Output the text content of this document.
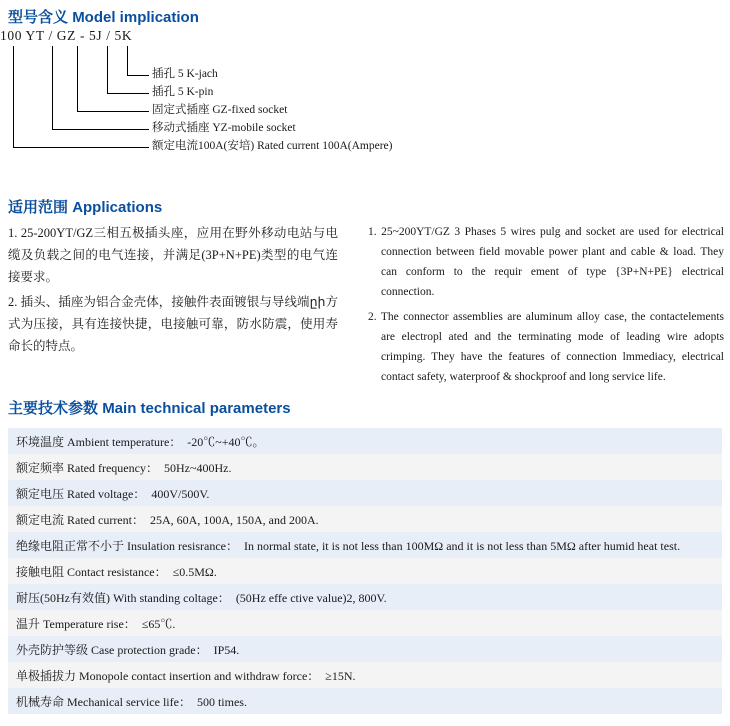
型号含义 Model implication
100 YT / GZ - 5J / 5K
插孔 5 K-jach
插孔 5 K-pin
固定式插座 GZ-fixed socket
移动式插座 YZ-mobile socket
额定电流100A(安培) Rated current 100A(Ampere)
适用范围 Applications

1. 25-200YT/GZ三相五极插头座，应用在野外移动电站与电缆及负载之间的电气连接，并满足(3P+N+PE)类型的电气连接要求。

2. 插头、插座为铝合金壳体，接触件表面镀银与导线端ըի方式为压接，具有连接快捷，电接触可靠，防水防震，使用寿命长的特点。

1. 25~200YT/GZ 3 Phases 5 wires pulg and socket are used for electrical connection between field movable power plant and cable & load. They can conform to the requir ement of type {3P+N+PE} electrical connection.

2. The connector assemblies are aluminum alloy case, the contactelements are electropl ated and the terminating mode of leading wire adopts crimping. They have the features of connection lmmediacy, electrical contact safety, waterproof & shockproof and long service life.

主要技术参数 Main technical parameters
环境温度 Ambient temperature： -20℃~+40℃。
额定频率 Rated frequency： 50Hz~400Hz.
额定电压 Rated voltage： 400V/500V.
额定电流 Rated current： 25A, 60A, 100A, 150A, and 200A.
绝缘电阻正常不小于 Insulation resisrance： In normal state, it is not less than 100MΩ and it is not less than 5MΩ after humid heat test.
接触电阻 Contact resistance： ≤0.5MΩ.
耐压(50Hz有效值) With standing coltage： (50Hz effe ctive value)2, 800V.
温升 Temperature rise： ≤65℃.
外壳防护等级 Case protection grade： IP54.
单极插拔力 Monopole contact insertion and withdraw force： ≥15N.
机械寿命 Mechanical service life： 500 times.
